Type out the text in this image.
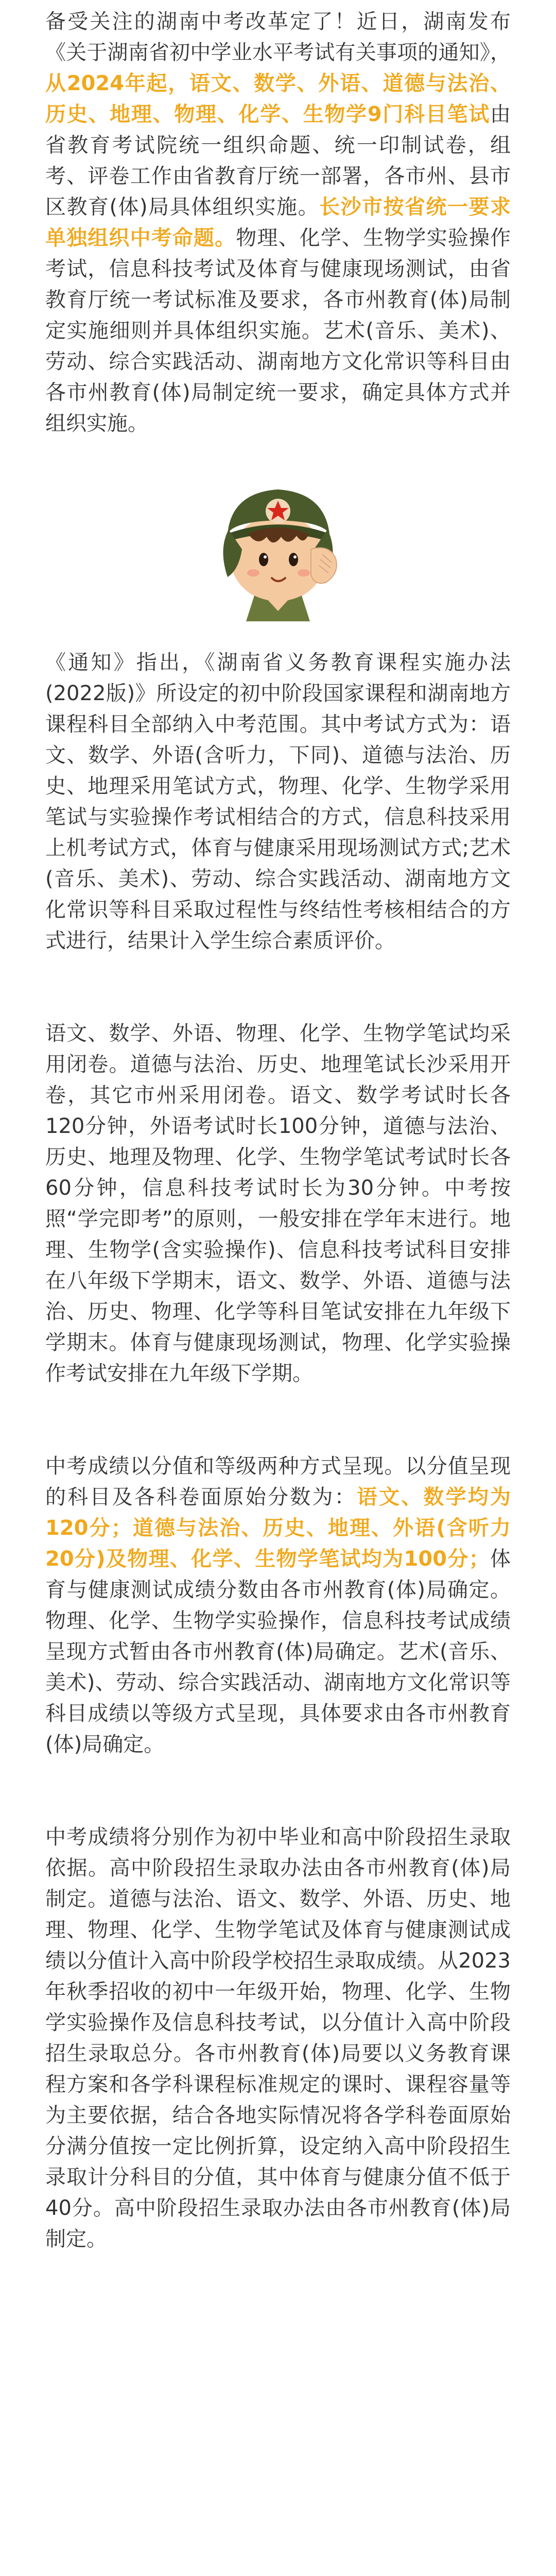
备受关注的湖南中考改革定了！近日，湖南发布《关于湖南省初中学业水平考试有关事项的通知》，从2024年起，语文、数学、外语、道德与法治、历史、地理、物理、化学、生物学9门科目笔试由省教育考试院统一组织命题、统一印制试卷，组考、评卷工作由省教育厅统一部署，各市州、县市区教育(体)局具体组织实施。长沙市按省统一要求单独组织中考命题。物理、化学、生物学实验操作考试，信息科技考试及体育与健康现场测试，由省教育厅统一考试标准及要求，各市州教育(体)局制定实施细则并具体组织实施。艺术(音乐、美术)、劳动、综合实践活动、湖南地方文化常识等科目由各市州教育(体)局制定统一要求，确定具体方式并组织实施。

《通知》指出，《湖南省义务教育课程实施办法(2022版)》所设定的初中阶段国家课程和湖南地方课程科目全部纳入中考范围。其中考试方式为：语文、数学、外语(含听力，下同)、道德与法治、历史、地理采用笔试方式，物理、化学、生物学采用笔试与实验操作考试相结合的方式，信息科技采用上机考试方式，体育与健康采用现场测试方式;艺术(音乐、美术)、劳动、综合实践活动、湖南地方文化常识等科目采取过程性与终结性考核相结合的方式进行，结果计入学生综合素质评价。

语文、数学、外语、物理、化学、生物学笔试均采用闭卷。道德与法治、历史、地理笔试长沙采用开卷，其它市州采用闭卷。语文、数学考试时长各120分钟，外语考试时长100分钟，道德与法治、历史、地理及物理、化学、生物学笔试考试时长各60分钟，信息科技考试时长为30分钟。中考按照“学完即考”的原则，一般安排在学年末进行。地理、生物学(含实验操作)、信息科技考试科目安排在八年级下学期末，语文、数学、外语、道德与法治、历史、物理、化学等科目笔试安排在九年级下学期末。体育与健康现场测试，物理、化学实验操作考试安排在九年级下学期。

中考成绩以分值和等级两种方式呈现。以分值呈现的科目及各科卷面原始分数为：语文、数学均为120分；道德与法治、历史、地理、外语(含听力20分)及物理、化学、生物学笔试均为100分；体育与健康测试成绩分数由各市州教育(体)局确定。物理、化学、生物学实验操作，信息科技考试成绩呈现方式暂由各市州教育(体)局确定。艺术(音乐、美术)、劳动、综合实践活动、湖南地方文化常识等科目成绩以等级方式呈现，具体要求由各市州教育(体)局确定。

中考成绩将分别作为初中毕业和高中阶段招生录取依据。高中阶段招生录取办法由各市州教育(体)局制定。道德与法治、语文、数学、外语、历史、地理、物理、化学、生物学笔试及体育与健康测试成绩以分值计入高中阶段学校招生录取成绩。从2023年秋季招收的初中一年级开始，物理、化学、生物学实验操作及信息科技考试，以分值计入高中阶段招生录取总分。各市州教育(体)局要以义务教育课程方案和各学科课程标准规定的课时、课程容量等为主要依据，结合各地实际情况将各学科卷面原始分满分值按一定比例折算，设定纳入高中阶段招生录取计分科目的分值，其中体育与健康分值不低于40分。高中阶段招生录取办法由各市州教育(体)局制定。
